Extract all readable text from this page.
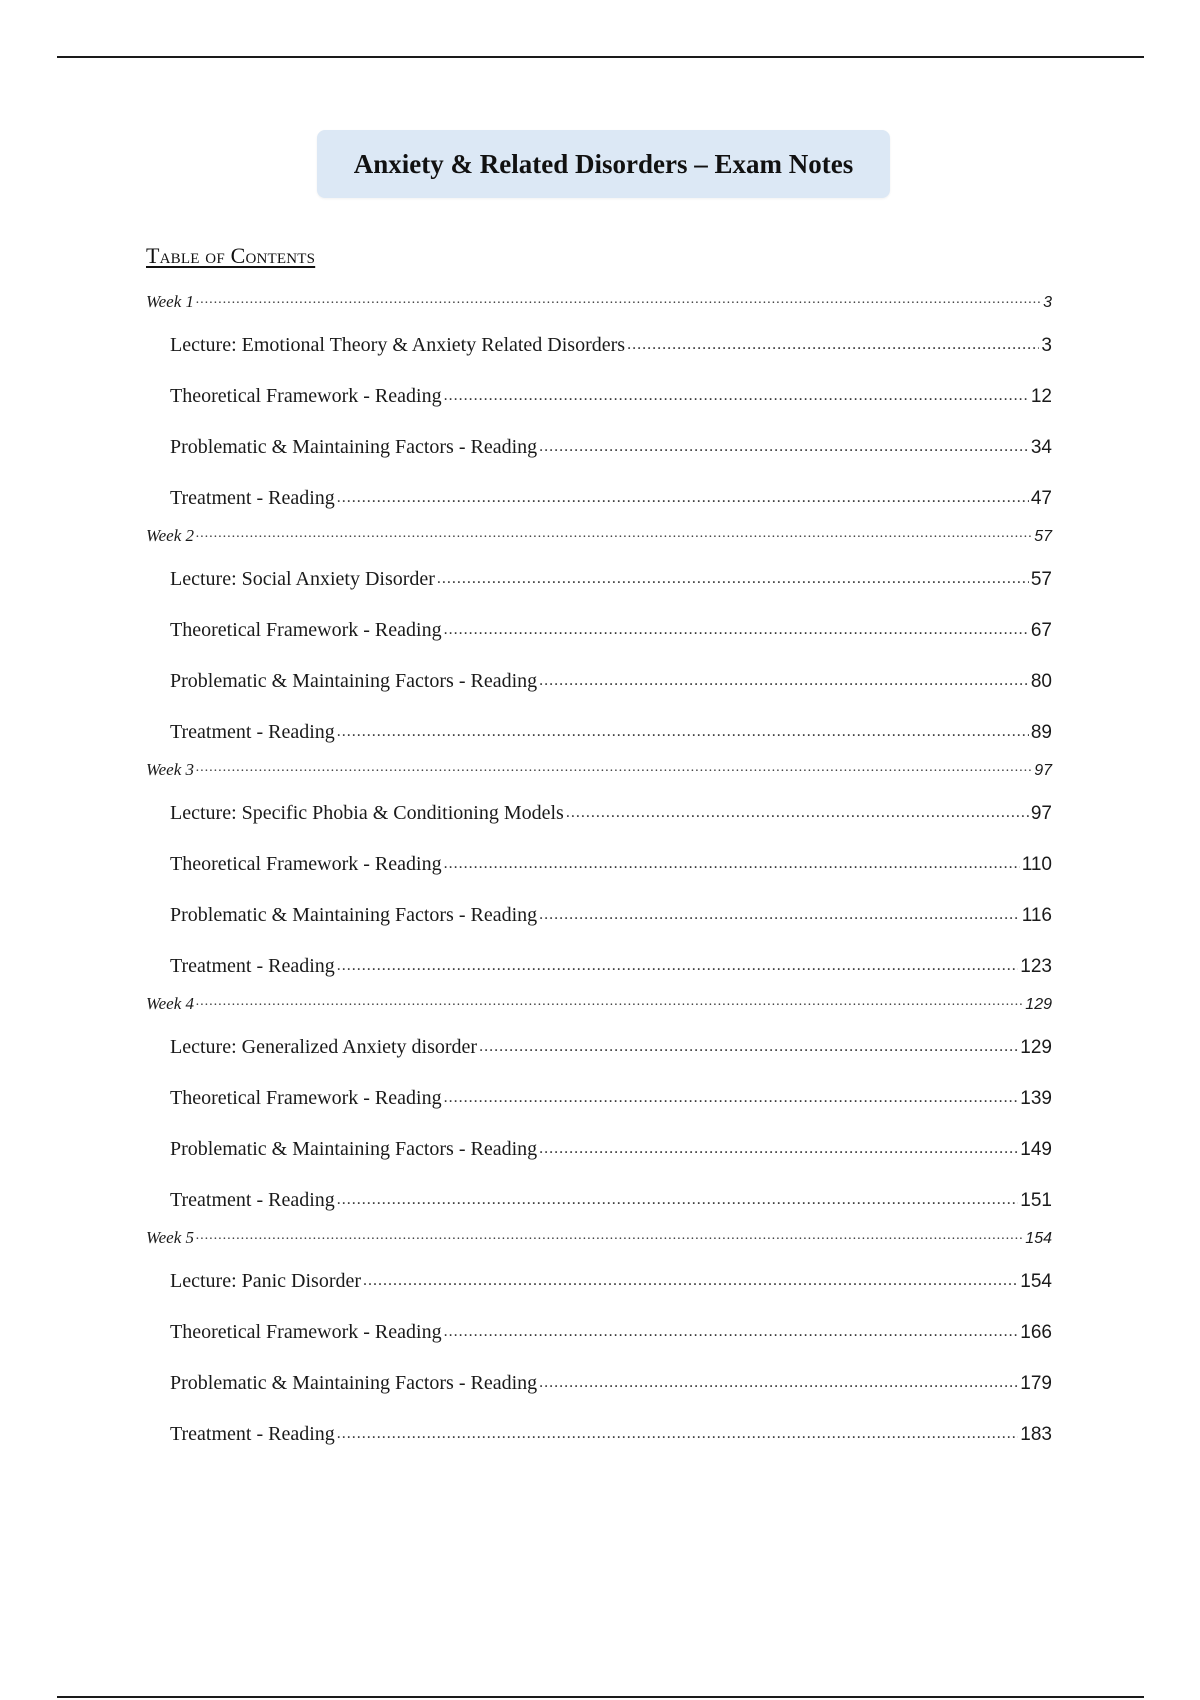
Anxiety & Related Disorders – Exam Notes
Table of Contents
Week 1 .....	3
Lecture: Emotional Theory & Anxiety Related Disorders .....	3
Theoretical Framework - Reading .....	12
Problematic & Maintaining Factors - Reading .....	34
Treatment - Reading .....	47
Week 2 .....	57
Lecture: Social Anxiety Disorder .....	57
Theoretical Framework - Reading .....	67
Problematic & Maintaining Factors - Reading .....	80
Treatment - Reading .....	89
Week 3 .....	97
Lecture: Specific Phobia & Conditioning Models .....	97
Theoretical Framework - Reading .....	110
Problematic & Maintaining Factors - Reading .....	116
Treatment - Reading .....	123
Week 4 .....	129
Lecture: Generalized Anxiety disorder .....	129
Theoretical Framework - Reading .....	139
Problematic & Maintaining Factors - Reading .....	149
Treatment - Reading .....	151
Week 5 .....	154
Lecture: Panic Disorder .....	154
Theoretical Framework - Reading .....	166
Problematic & Maintaining Factors - Reading .....	179
Treatment - Reading .....	183
